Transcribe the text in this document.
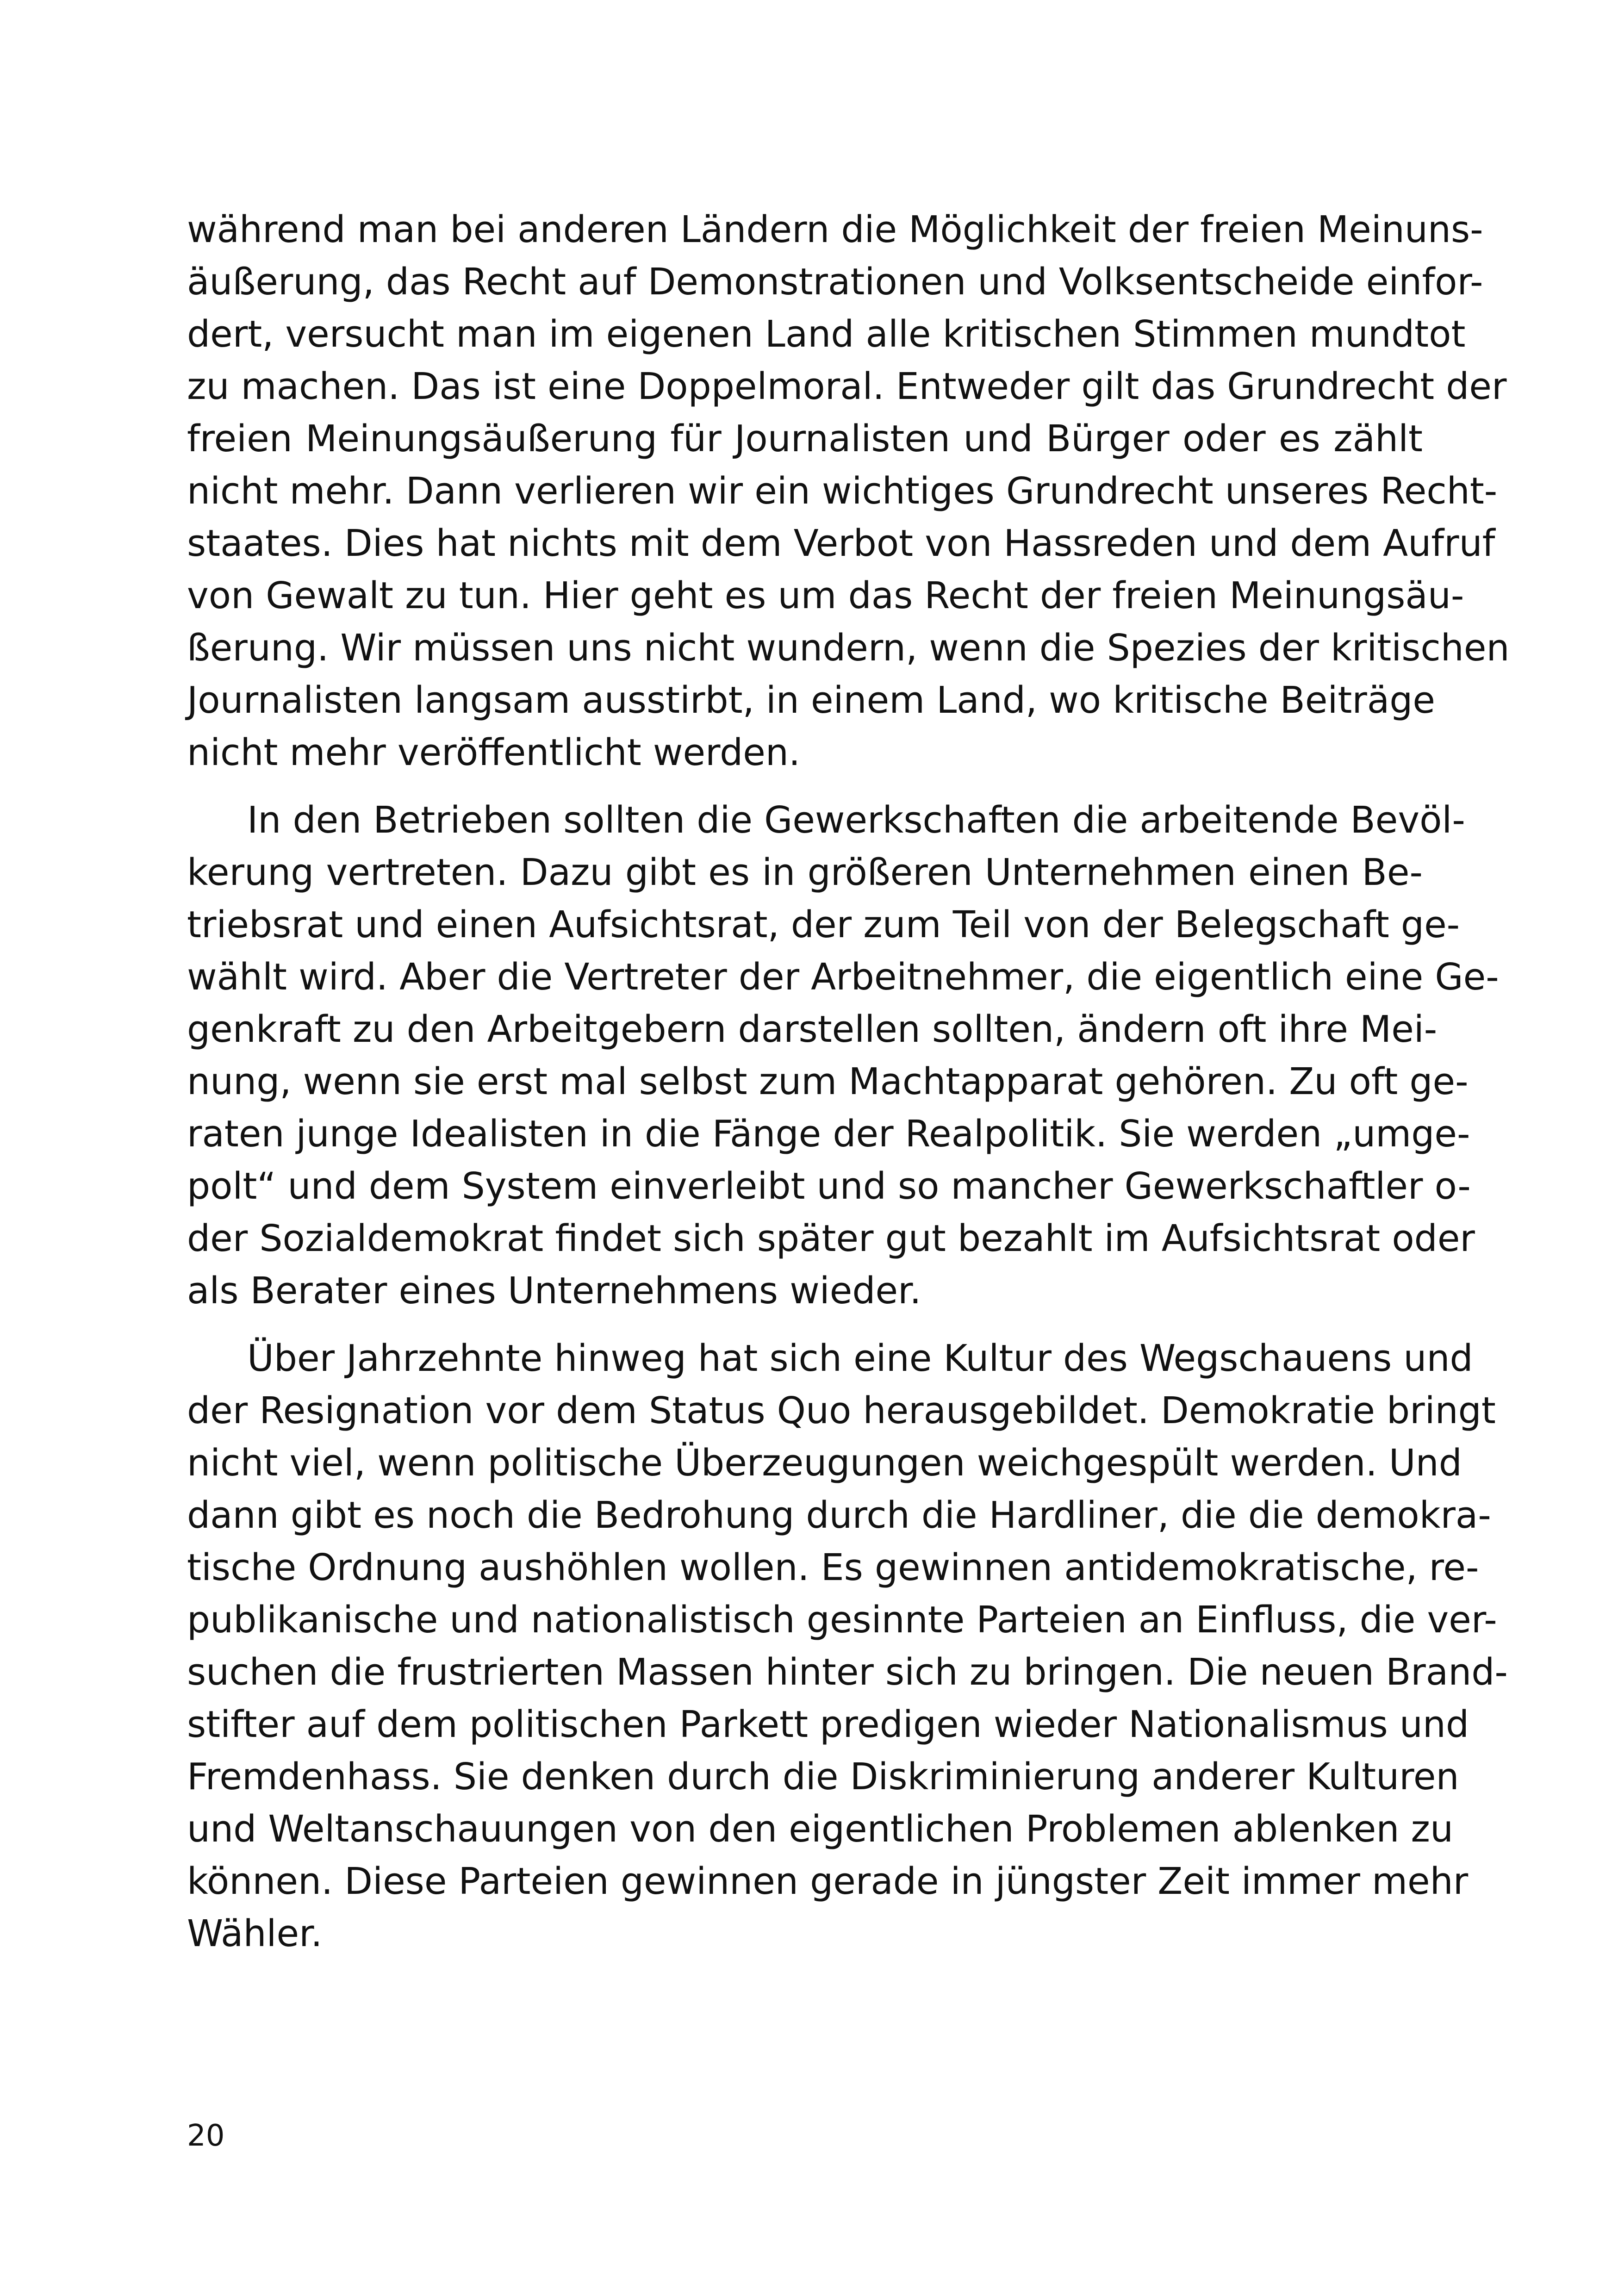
während man bei anderen Ländern die Möglichkeit der freien Meinuns-
äußerung, das Recht auf Demonstrationen und Volksentscheide einfor-
dert, versucht man im eigenen Land alle kritischen Stimmen mundtot
zu machen. Das ist eine Doppelmoral. Entweder gilt das Grundrecht der
freien Meinungsäußerung für Journalisten und Bürger oder es zählt
nicht mehr. Dann verlieren wir ein wichtiges Grundrecht unseres Recht-
staates. Dies hat nichts mit dem Verbot von Hassreden und dem Aufruf
von Gewalt zu tun. Hier geht es um das Recht der freien Meinungsäu-
ßerung. Wir müssen uns nicht wundern, wenn die Spezies der kritischen
Journalisten langsam ausstirbt, in einem Land, wo kritische Beiträge
nicht mehr veröffentlicht werden.
In den Betrieben sollten die Gewerkschaften die arbeitende Bevöl-
kerung vertreten. Dazu gibt es in größeren Unternehmen einen Be-
triebsrat und einen Aufsichtsrat, der zum Teil von der Belegschaft ge-
wählt wird. Aber die Vertreter der Arbeitnehmer, die eigentlich eine Ge-
genkraft zu den Arbeitgebern darstellen sollten, ändern oft ihre Mei-
nung, wenn sie erst mal selbst zum Machtapparat gehören. Zu oft ge-
raten junge Idealisten in die Fänge der Realpolitik. Sie werden „umge-
polt“ und dem System einverleibt und so mancher Gewerkschaftler o-
der Sozialdemokrat findet sich später gut bezahlt im Aufsichtsrat oder
als Berater eines Unternehmens wieder.
Über Jahrzehnte hinweg hat sich eine Kultur des Wegschauens und
der Resignation vor dem Status Quo herausgebildet. Demokratie bringt
nicht viel, wenn politische Überzeugungen weichgespült werden. Und
dann gibt es noch die Bedrohung durch die Hardliner, die die demokra-
tische Ordnung aushöhlen wollen. Es gewinnen antidemokratische, re-
publikanische und nationalistisch gesinnte Parteien an Einfluss, die ver-
suchen die frustrierten Massen hinter sich zu bringen. Die neuen Brand-
stifter auf dem politischen Parkett predigen wieder Nationalismus und
Fremdenhass. Sie denken durch die Diskriminierung anderer Kulturen
und Weltanschauungen von den eigentlichen Problemen ablenken zu
können. Diese Parteien gewinnen gerade in jüngster Zeit immer mehr
Wähler.
20
